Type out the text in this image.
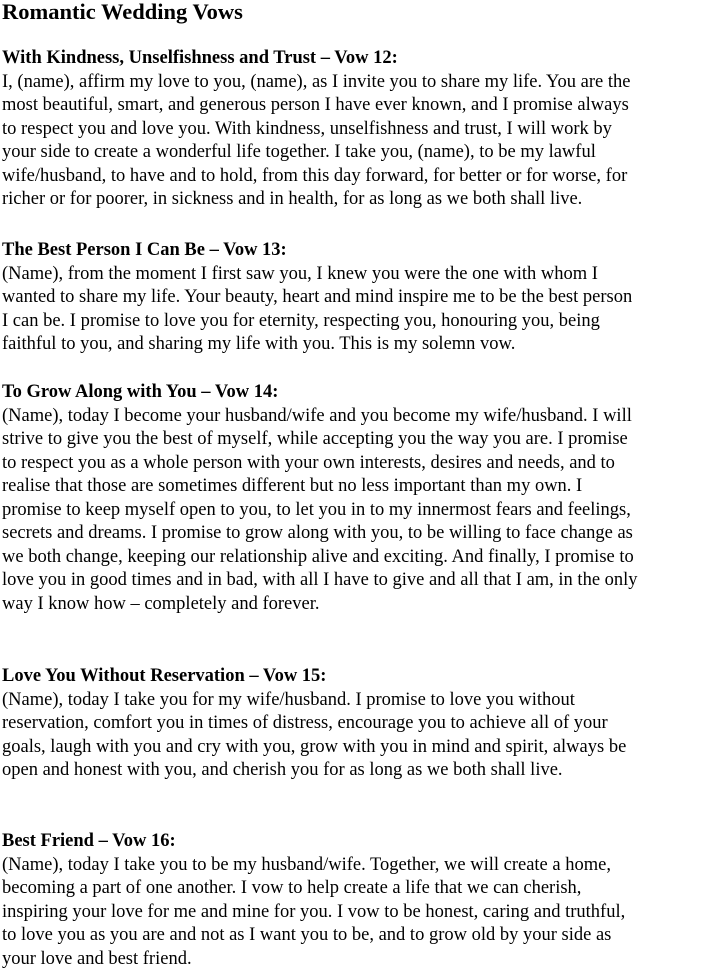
Romantic Wedding Vows
With Kindness, Unselfishness and Trust – Vow 12:

I, (name), affirm my love to you, (name), as I invite you to share my life. You are the
most beautiful, smart, and generous person I have ever known, and I promise always
to respect you and love you. With kindness, unselfishness and trust, I will work by
your side to create a wonderful life together. I take you, (name), to be my lawful
wife/husband, to have and to hold, from this day forward, for better or for worse, for
richer or for poorer, in sickness and in health, for as long as we both shall live.

The Best Person I Can Be – Vow 13:

(Name), from the moment I first saw you, I knew you were the one with whom I
wanted to share my life. Your beauty, heart and mind inspire me to be the best person
I can be. I promise to love you for eternity, respecting you, honouring you, being
faithful to you, and sharing my life with you. This is my solemn vow.

To Grow Along with You – Vow 14:

(Name), today I become your husband/wife and you become my wife/husband. I will
strive to give you the best of myself, while accepting you the way you are. I promise
to respect you as a whole person with your own interests, desires and needs, and to
realise that those are sometimes different but no less important than my own. I
promise to keep myself open to you, to let you in to my innermost fears and feelings,
secrets and dreams. I promise to grow along with you, to be willing to face change as
we both change, keeping our relationship alive and exciting. And finally, I promise to
love you in good times and in bad, with all I have to give and all that I am, in the only
way I know how – completely and forever.

Love You Without Reservation – Vow 15:

(Name), today I take you for my wife/husband. I promise to love you without
reservation, comfort you in times of distress, encourage you to achieve all of your
goals, laugh with you and cry with you, grow with you in mind and spirit, always be
open and honest with you, and cherish you for as long as we both shall live.

Best Friend – Vow 16:

(Name), today I take you to be my husband/wife. Together, we will create a home,
becoming a part of one another. I vow to help create a life that we can cherish,
inspiring your love for me and mine for you. I vow to be honest, caring and truthful,
to love you as you are and not as I want you to be, and to grow old by your side as
your love and best friend.
